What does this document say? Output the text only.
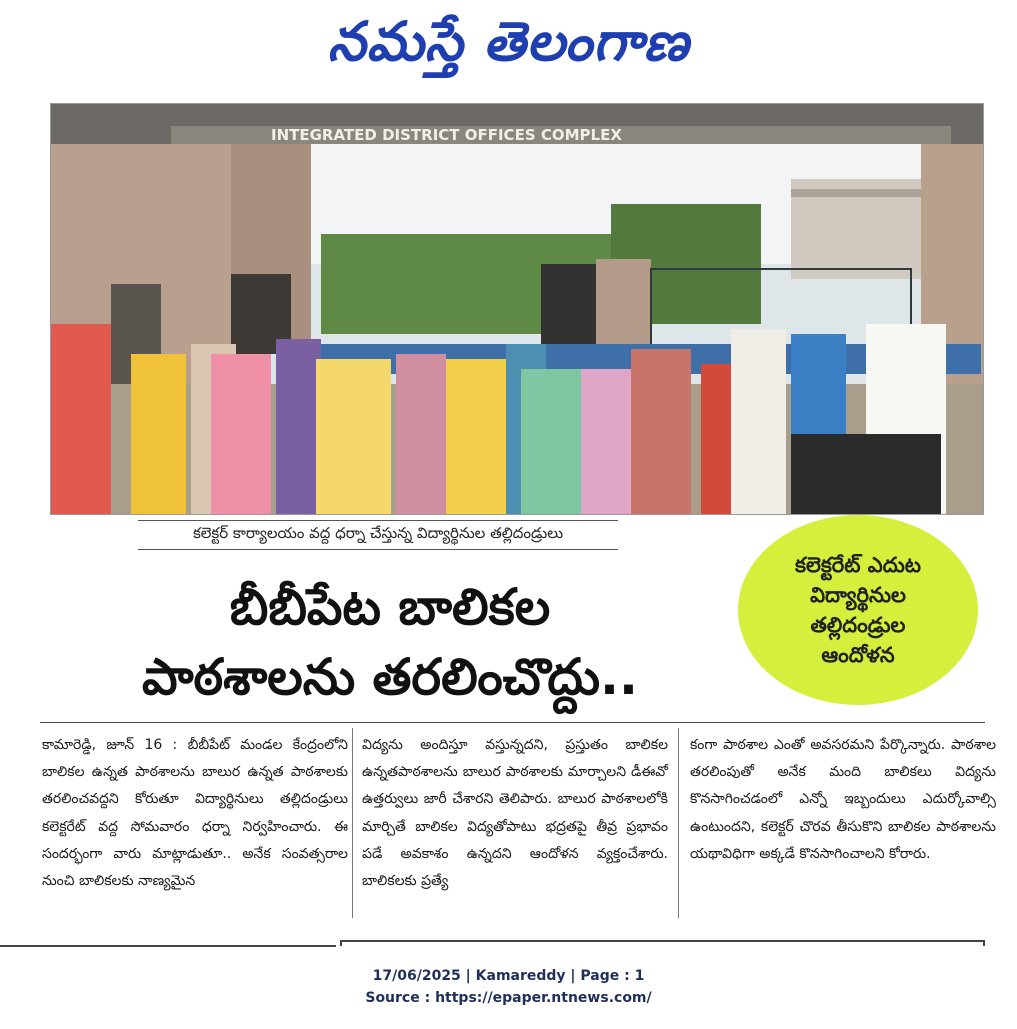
నమస్తే తెలంగాణ
INTEGRATED DISTRICT OFFICES COMPLEX
కలెక్టర్ కార్యాలయం వద్ద ధర్నా చేస్తున్న విద్యార్థినుల తల్లిదండ్రులు
కలెక్టరేట్ ఎదుట
విద్యార్థినుల
తల్లిదండ్రుల
ఆందోళన
బీబీపేట బాలికల
పాఠశాలను తరలించొద్దు..

కామారెడ్డి, జూన్ 16 : బీబీపేట్ మండల కేంద్రంలోని బాలికల ఉన్నత పాఠశాలను బాలుర ఉన్నత పాఠశాలకు తరలించవద్దని కోరుతూ విద్యార్థినులు తల్లిదండ్రులు కలెక్టరేట్ వద్ద సోమవారం ధర్నా నిర్వహించారు. ఈ సందర్భంగా వారు మాట్లాడుతూ.. అనేక సంవత్సరాల నుంచి బాలికలకు నాణ్యమైన

విద్యను అందిస్తూ వస్తున్నదని, ప్రస్తుతం బాలికల ఉన్నతపాఠశాలను బాలుర పాఠశాలకు మార్చాలని డీఈవో ఉత్తర్వులు జారీ చేశారని తెలిపారు. బాలుర పాఠశాలలోకి మార్చితే బాలికల విద్యతోపాటు భద్రతపై తీవ్ర ప్రభావం పడే అవకాశం ఉన్నదని ఆందోళన వ్యక్తంచేశారు. బాలికలకు ప్రత్యే

కంగా పాఠశాల ఎంతో అవసరమని పేర్కొన్నారు. పాఠశాల తరలింపుతో అనేక మంది బాలికలు విద్యను కొనసాగించడంలో ఎన్నో ఇబ్బందులు ఎదుర్కోవాల్సి ఉంటుందని, కలెక్టర్ చొరవ తీసుకొని బాలికల పాఠశాలను యథావిధిగా అక్కడే కొనసాగించాలని కోరారు.

17/06/2025 | Kamareddy | Page : 1
Source : https://epaper.ntnews.com/
